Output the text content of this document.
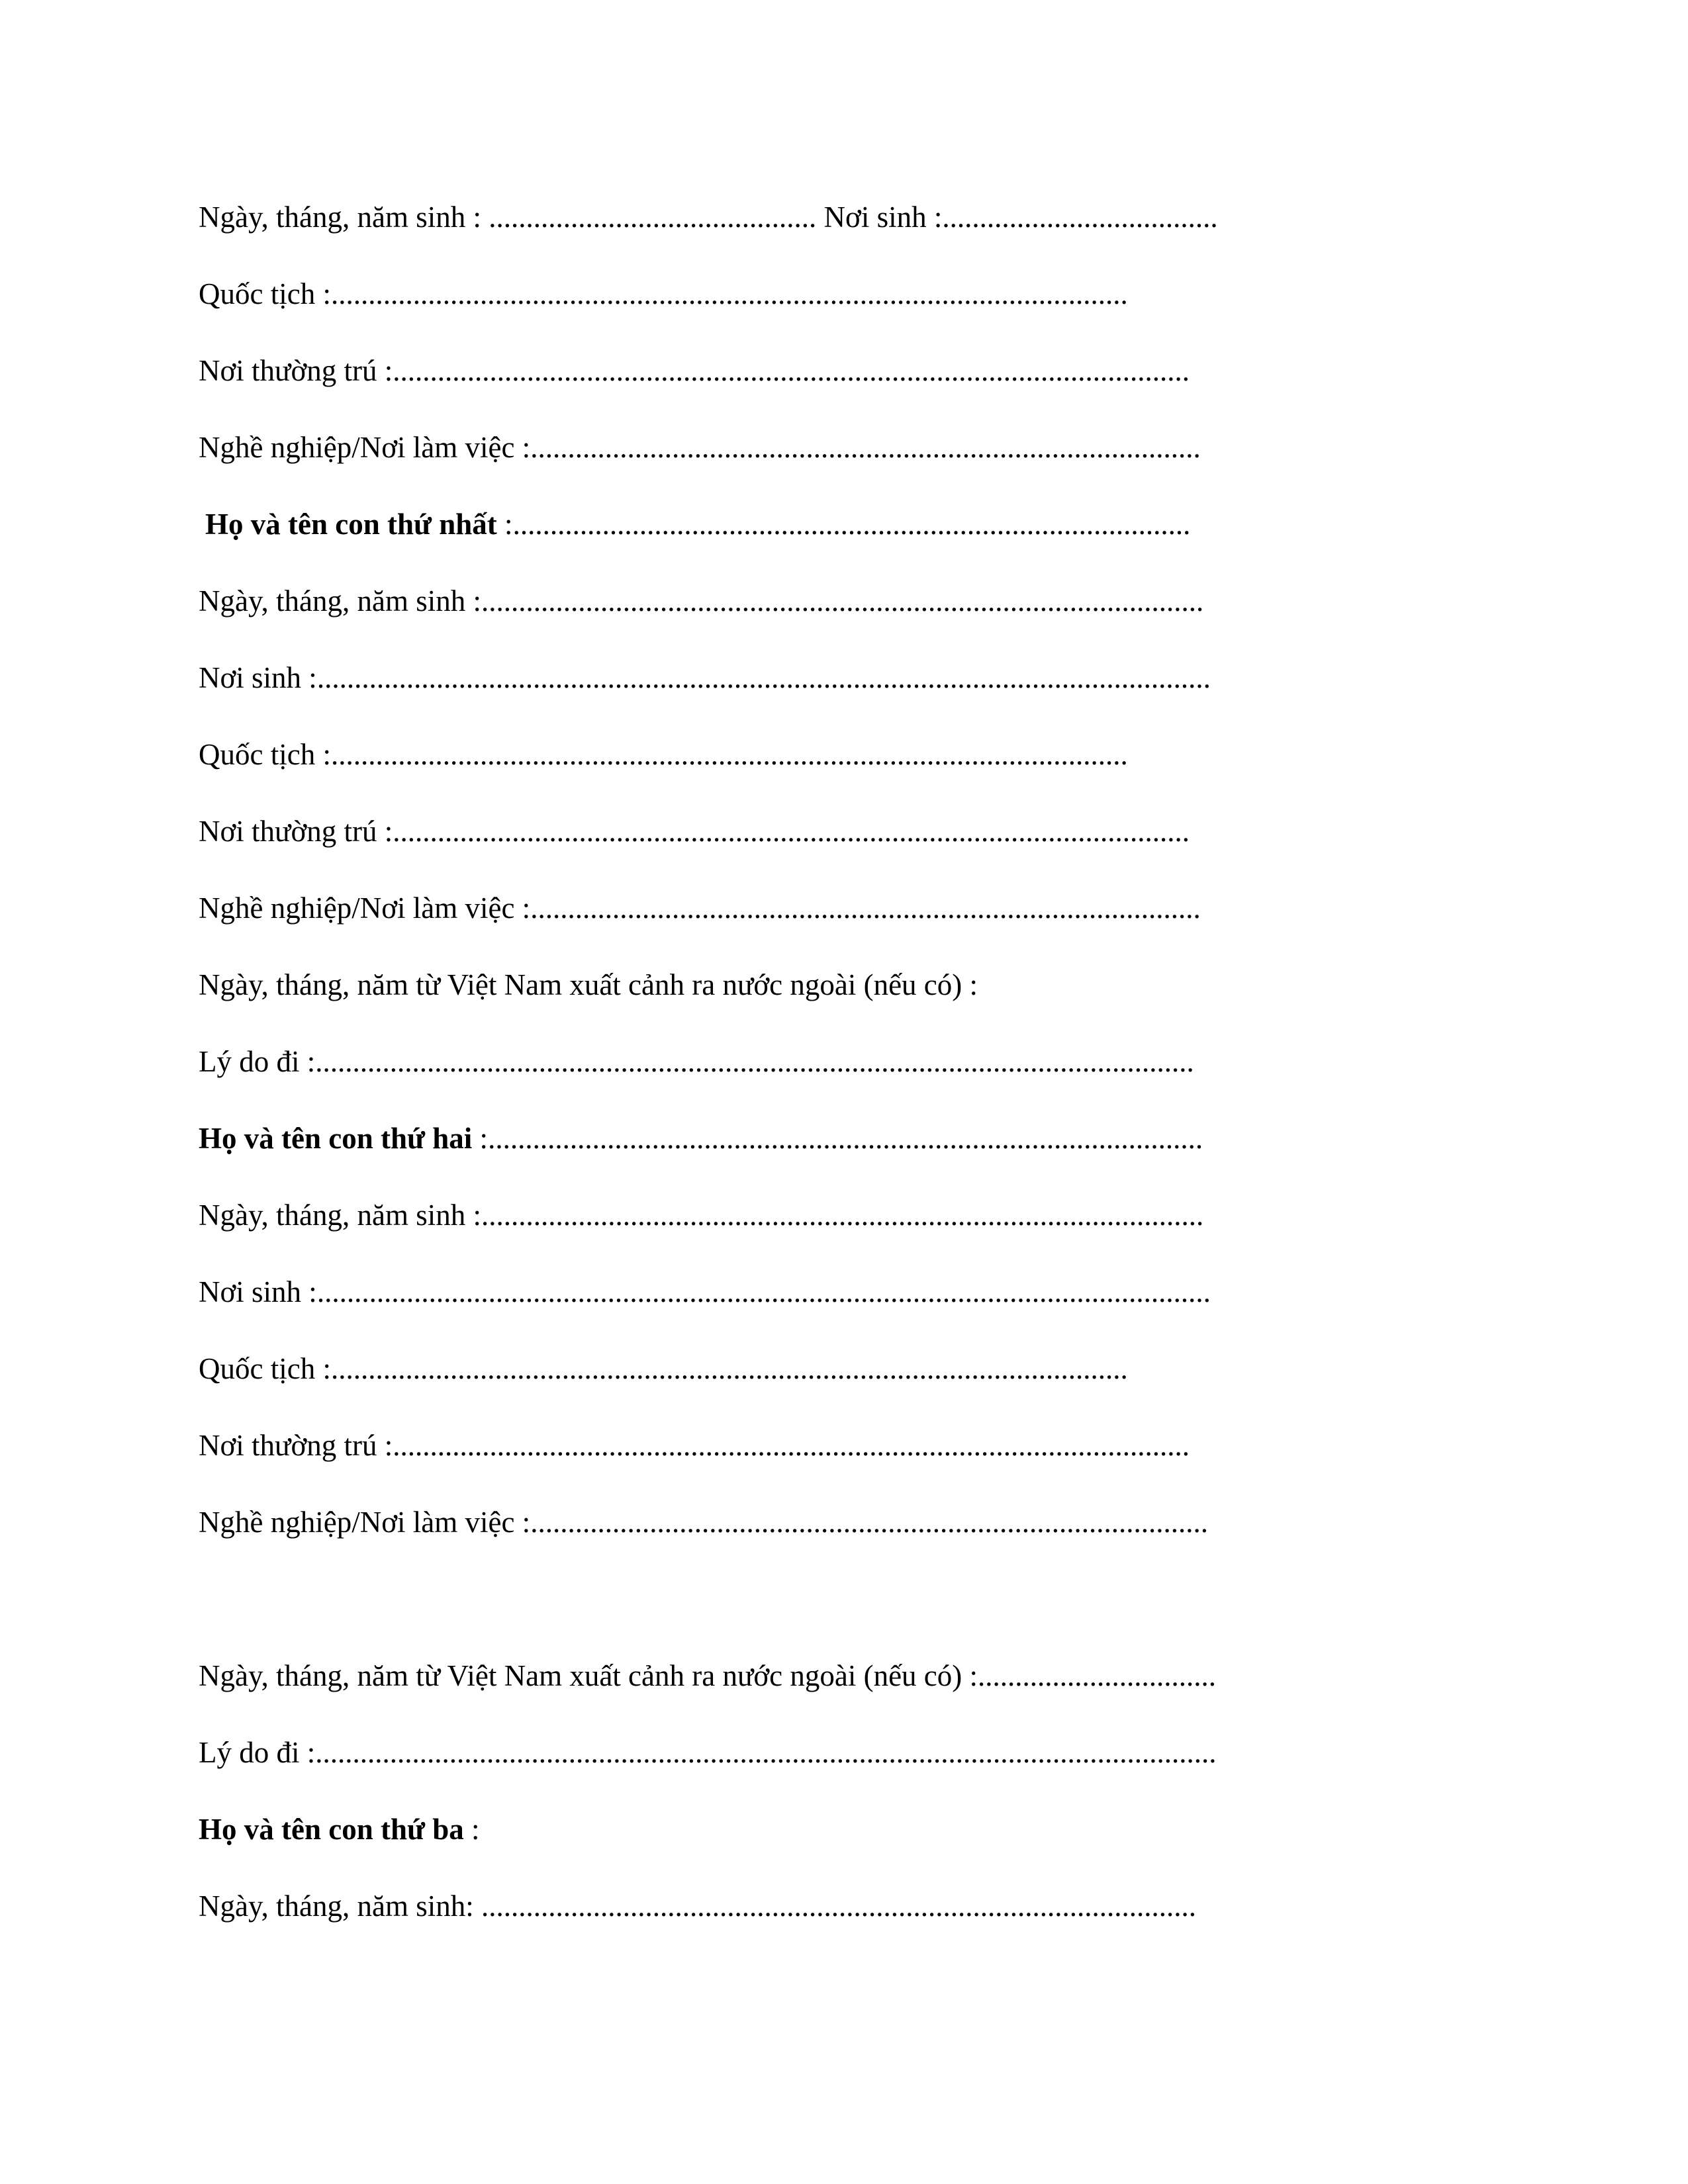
Ngày, tháng, năm sinh : ............................................ Nơi sinh :.....................................
Quốc tịch :...........................................................................................................
Nơi thường trú :...........................................................................................................
Nghề nghiệp/Nơi làm việc :..........................................................................................
Họ và tên con thứ nhất :...........................................................................................
Ngày, tháng, năm sinh :.................................................................................................
Nơi sinh :........................................................................................................................
Quốc tịch :...........................................................................................................
Nơi thường trú :...........................................................................................................
Nghề nghiệp/Nơi làm việc :..........................................................................................
Ngày, tháng, năm từ Việt Nam xuất cảnh ra nước ngoài (nếu có) :
Lý do đi :......................................................................................................................
Họ và tên con thứ hai :................................................................................................
Ngày, tháng, năm sinh :.................................................................................................
Nơi sinh :........................................................................................................................
Quốc tịch :...........................................................................................................
Nơi thường trú :...........................................................................................................
Nghề nghiệp/Nơi làm việc :...........................................................................................
Ngày, tháng, năm từ Việt Nam xuất cảnh ra nước ngoài (nếu có) :................................
Lý do đi :.........................................................................................................................
Họ và tên con thứ ba :
Ngày, tháng, năm sinh: ................................................................................................
